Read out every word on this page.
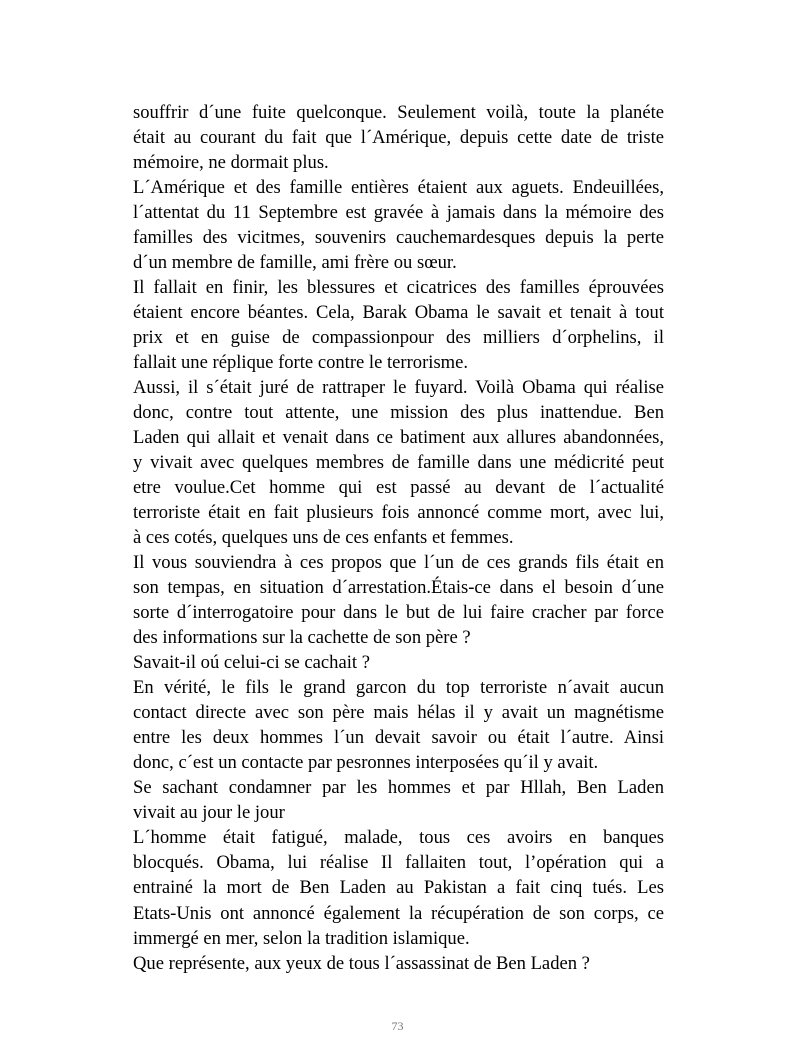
souffrir d´une fuite quelconque. Seulement voilà, toute la planéte
était au courant du fait que l´Amérique, depuis cette date de triste
mémoire, ne dormait plus.
L´Amérique et des famille entières étaient aux aguets. Endeuillées,
l´attentat du 11 Septembre est gravée à jamais dans la mémoire des
familles des vicitmes, souvenirs cauchemardesques depuis la perte
d´un membre de famille, ami frère ou sœur.
Il fallait en finir, les blessures et cicatrices des familles éprouvées
étaient encore béantes. Cela, Barak Obama le savait et tenait à tout
prix et en guise de compassionpour des milliers d´orphelins, il
fallait une réplique forte contre le terrorisme.
Aussi, il s´était juré de rattraper le fuyard. Voilà Obama qui réalise
donc, contre tout attente, une mission des plus inattendue. Ben
Laden qui allait et venait dans ce batiment aux allures abandonnées,
y vivait avec quelques membres de famille dans une médicrité peut
etre voulue.Cet homme qui est passé au devant de l´actualité
terroriste était en fait plusieurs fois annoncé comme mort, avec lui,
à ces cotés, quelques uns de ces enfants et femmes.
Il vous souviendra à ces propos que l´un de ces grands fils était en
son tempas, en situation d´arrestation.Étais-ce dans el besoin d´une
sorte d´interrogatoire pour dans le but de lui faire cracher par force
des informations sur la cachette de son père ?
Savait-il oú celui-ci se cachait ?
En vérité, le fils le grand garcon du top terroriste n´avait aucun
contact directe avec son père mais hélas il y avait un magnétisme
entre les deux hommes l´un devait savoir ou était l´autre. Ainsi
donc, c´est un contacte par pesronnes interposées qu´il y avait.
Se sachant condamner par les hommes et par Hllah, Ben Laden
vivait au jour le jour
L´homme était fatigué, malade, tous ces avoirs en banques
blocqués. Obama, lui réalise Il fallaiten tout, l’opération qui a
entrainé la mort de Ben Laden au Pakistan a fait cinq tués. Les
Etats-Unis ont annoncé également la récupération de son corps, ce
immergé en mer, selon la tradition islamique.
Que représente, aux yeux de tous l´assassinat de Ben Laden ?
73
